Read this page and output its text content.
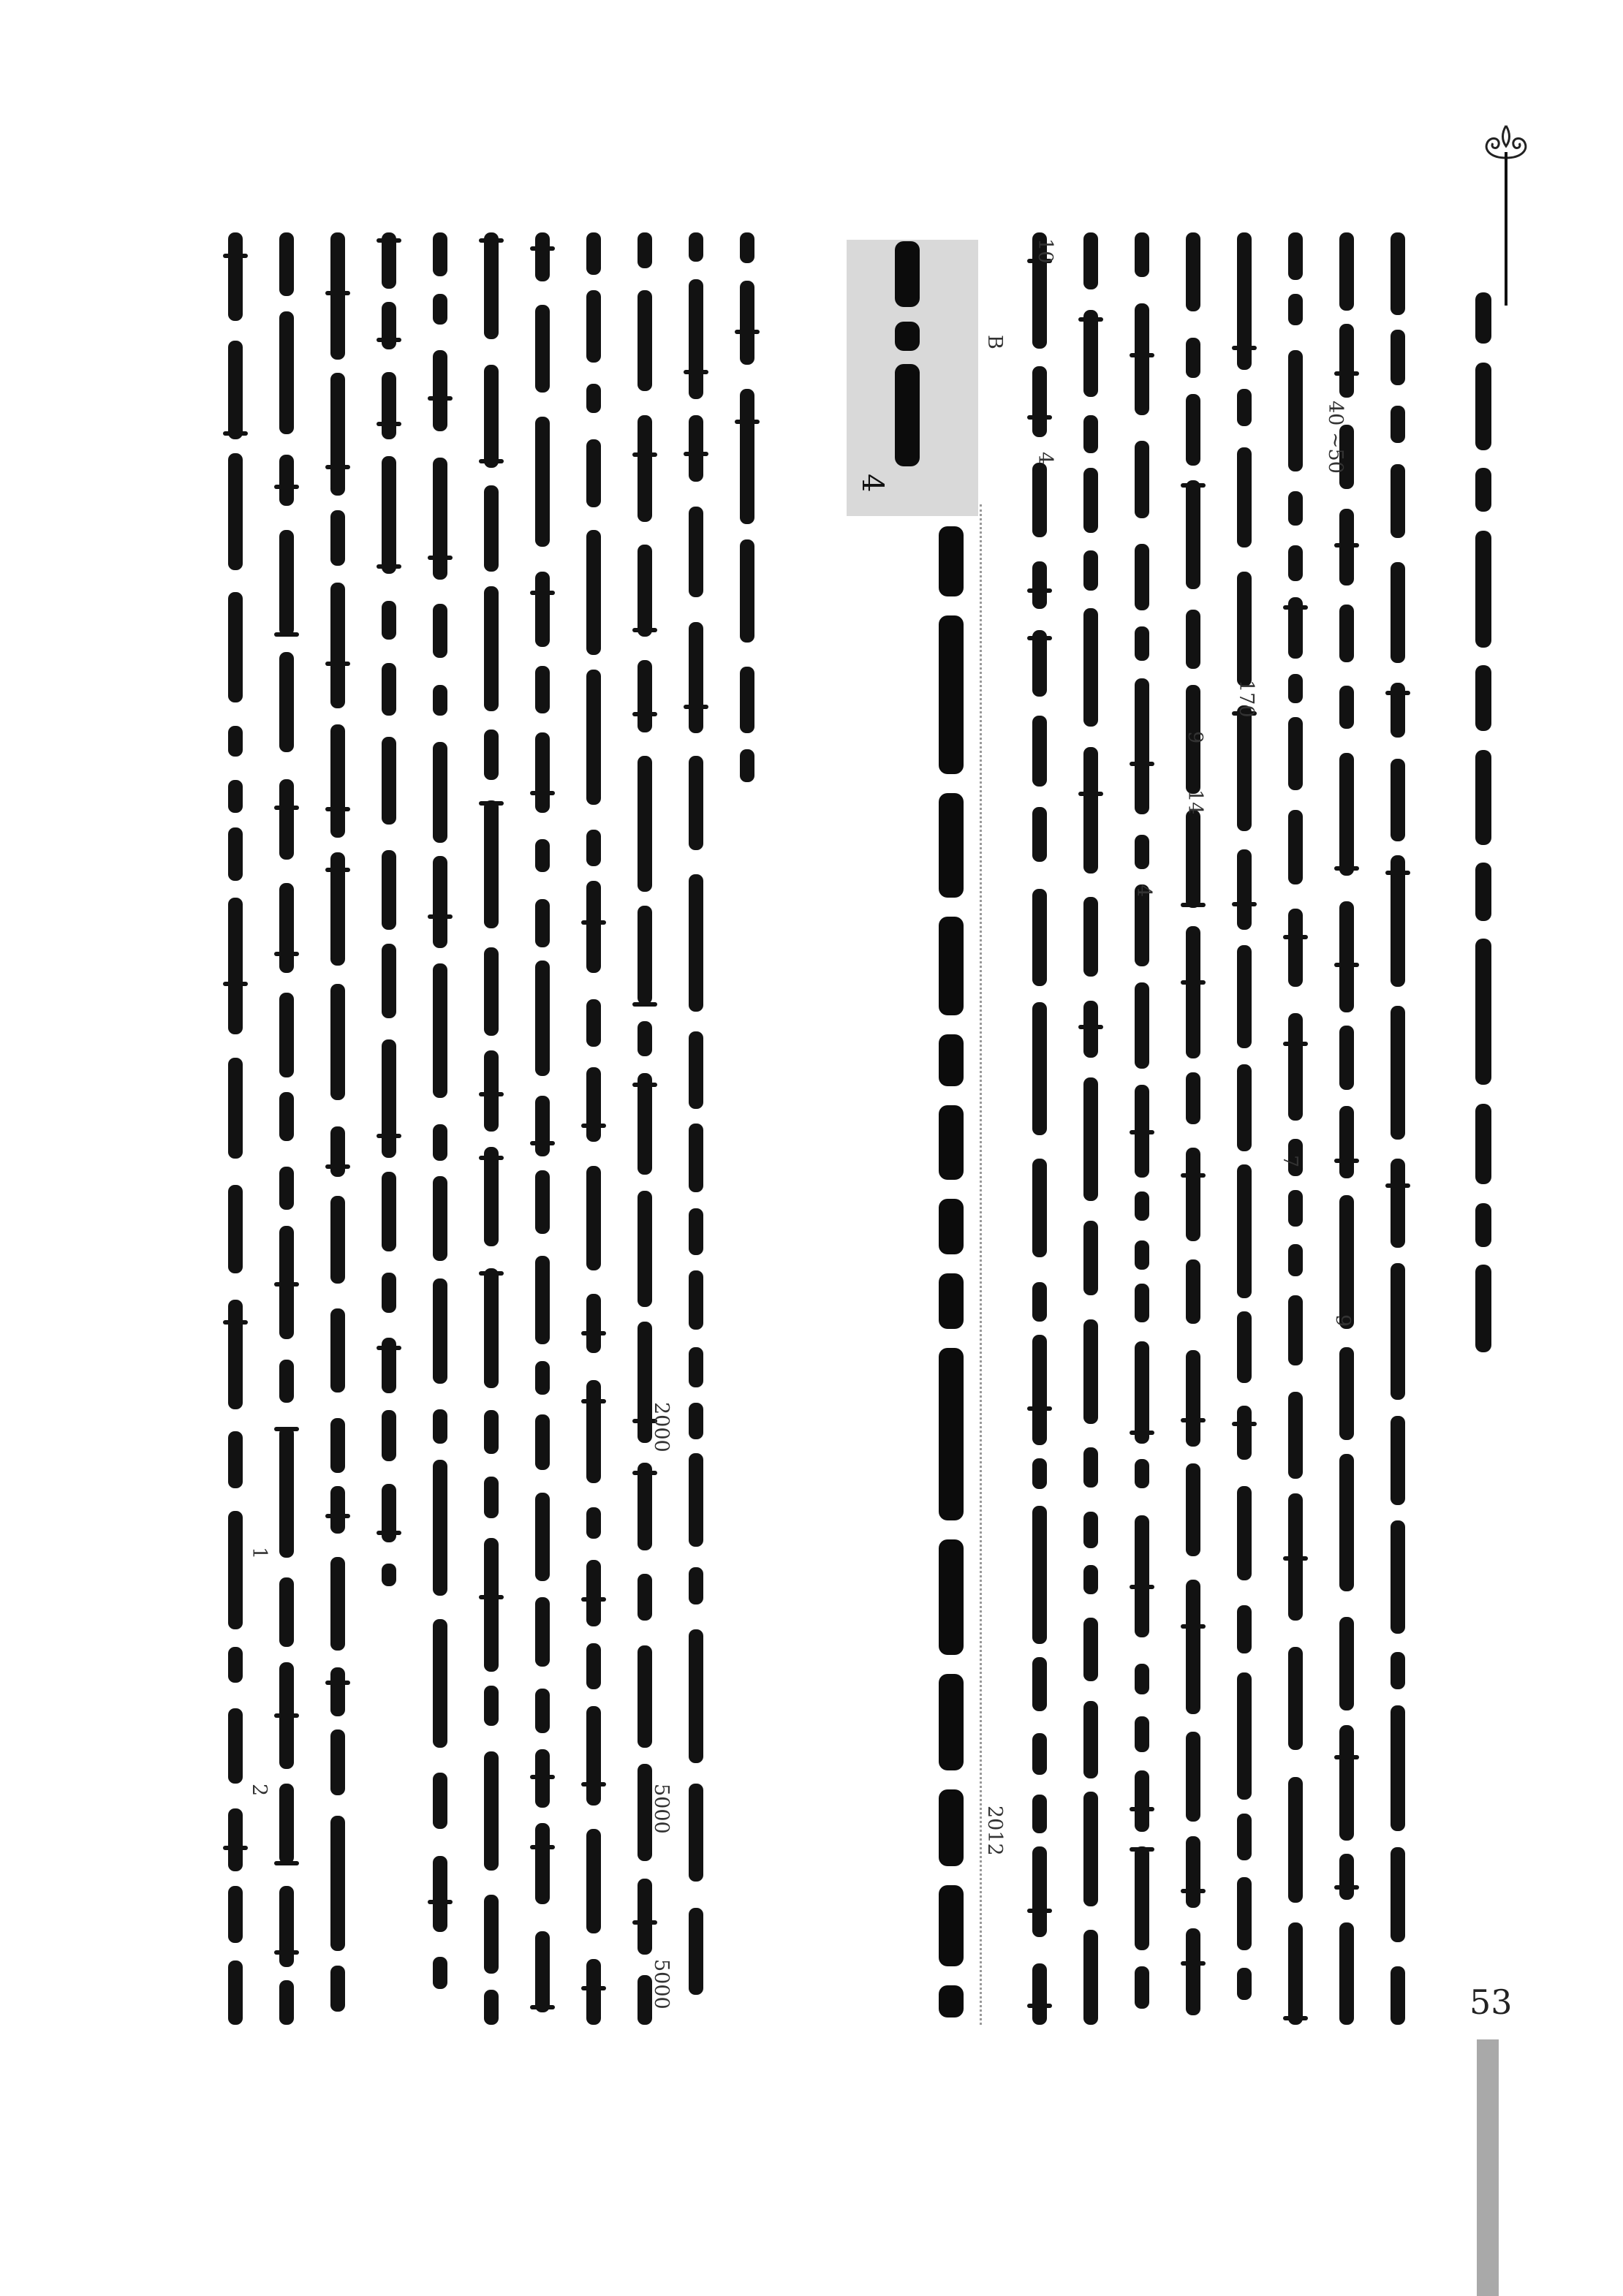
53
4
40 ~50
170
14
7
9
9
4
4
10
B
2012
2000
5000
5000
1
2
